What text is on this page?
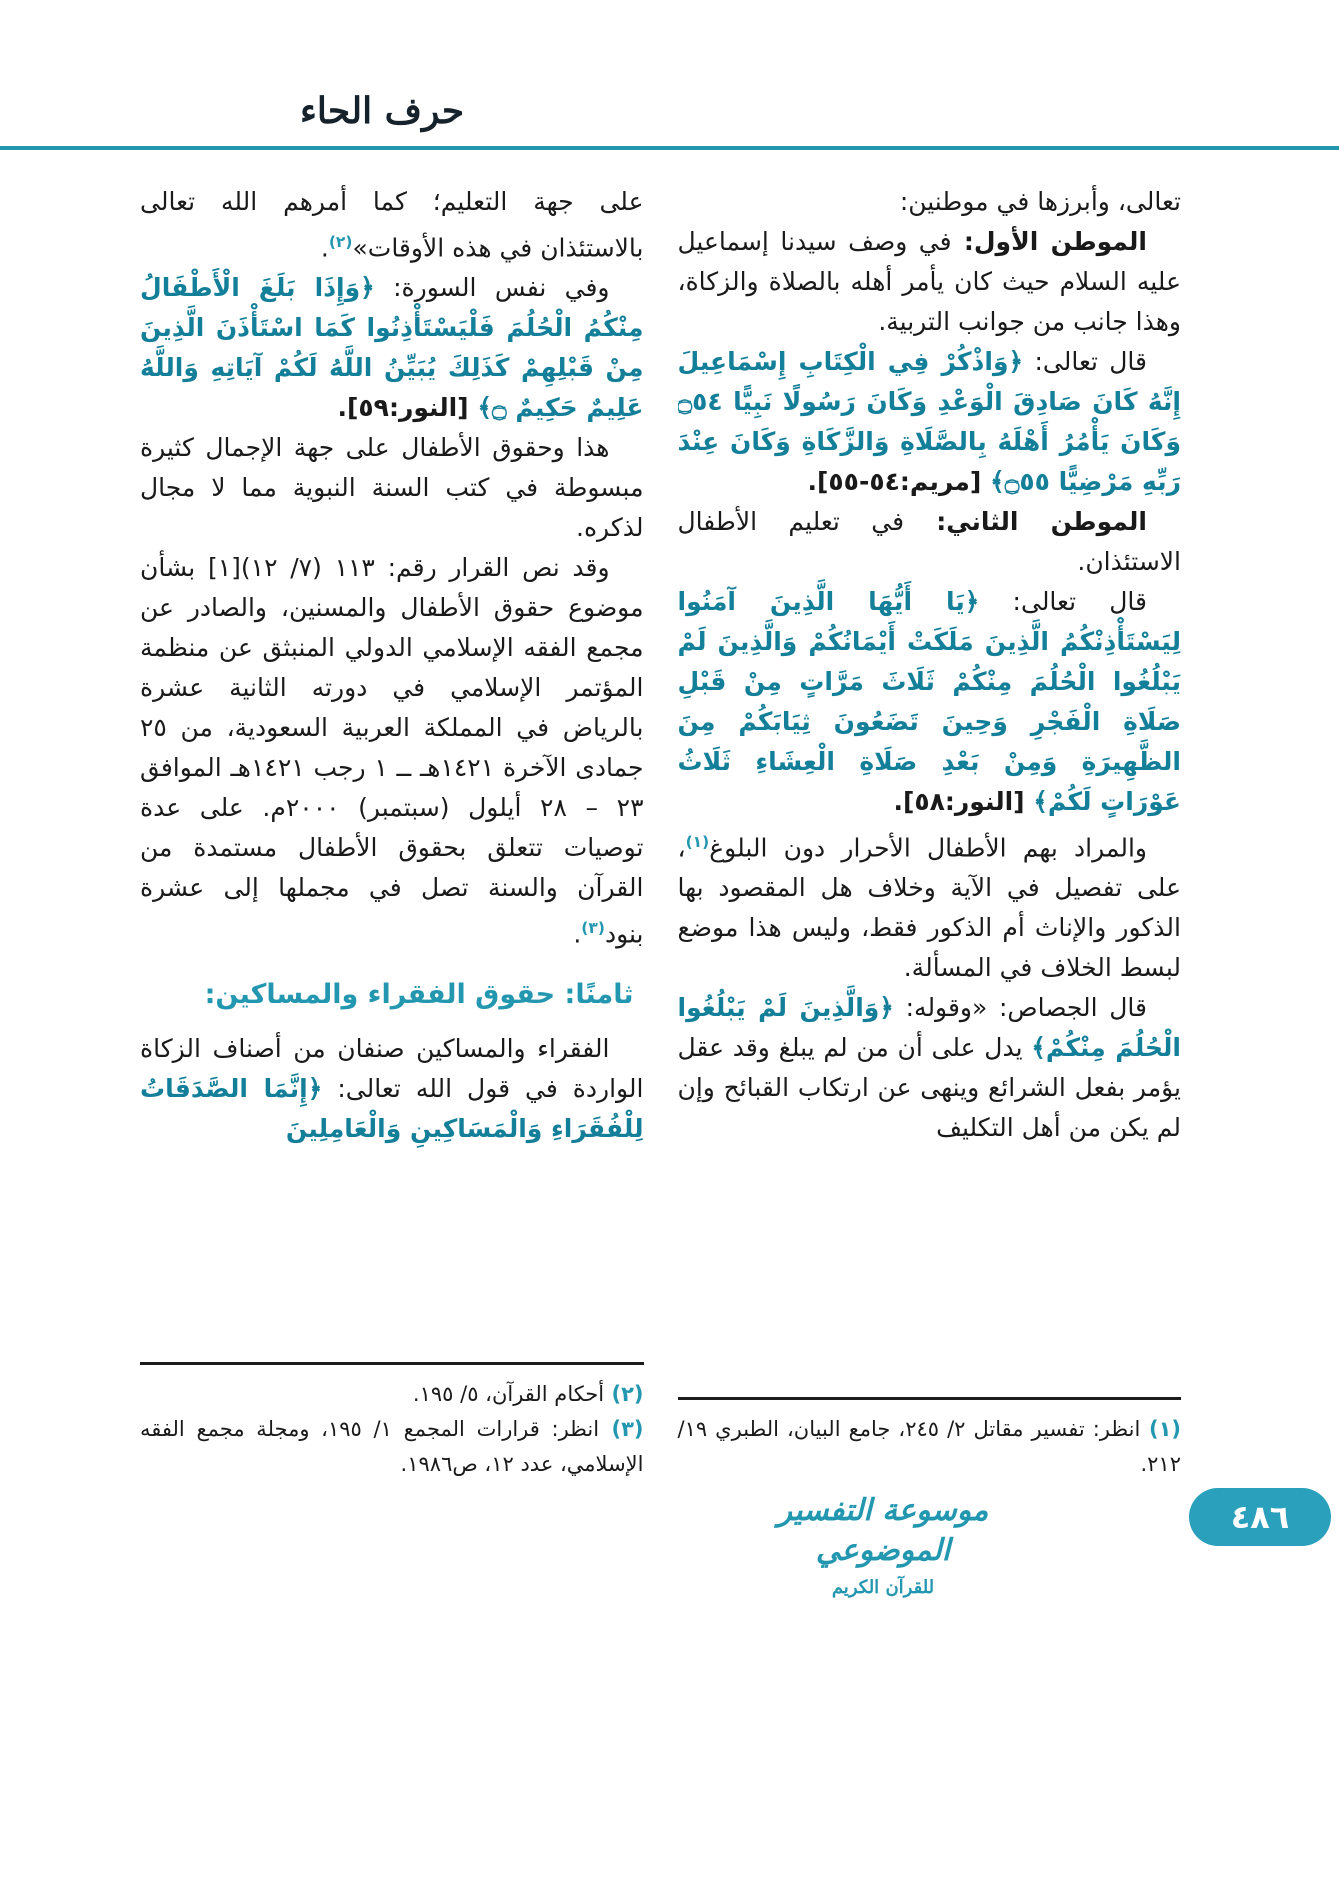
حرف الحاء

تعالى، وأبرزها في موطنين:

الموطن الأول: في وصف سيدنا إسماعيل عليه السلام حيث كان يأمر أهله بالصلاة والزكاة، وهذا جانب من جوانب التربية.

قال تعالى: ﴿وَاذْكُرْ فِي الْكِتَابِ إِسْمَاعِيلَ إِنَّهُ كَانَ صَادِقَ الْوَعْدِ وَكَانَ رَسُولًا نَبِيًّا ۝٥٤ وَكَانَ يَأْمُرُ أَهْلَهُ بِالصَّلَاةِ وَالزَّكَاةِ وَكَانَ عِنْدَ رَبِّهِ مَرْضِيًّا ۝٥٥﴾ [مريم:٥٤-٥٥].

الموطن الثاني: في تعليم الأطفال الاستئذان.

قال تعالى: ﴿يَا أَيُّهَا الَّذِينَ آمَنُوا لِيَسْتَأْذِنْكُمُ الَّذِينَ مَلَكَتْ أَيْمَانُكُمْ وَالَّذِينَ لَمْ يَبْلُغُوا الْحُلُمَ مِنْكُمْ ثَلَاثَ مَرَّاتٍ مِنْ قَبْلِ صَلَاةِ الْفَجْرِ وَحِينَ تَضَعُونَ ثِيَابَكُمْ مِنَ الظَّهِيرَةِ وَمِنْ بَعْدِ صَلَاةِ الْعِشَاءِ ثَلَاثُ عَوْرَاتٍ لَكُمْ﴾ [النور:٥٨].

والمراد بهم الأطفال الأحرار دون البلوغ$^{(١)}$، على تفصيل في الآية وخلاف هل المقصود بها الذكور والإناث أم الذكور فقط، وليس هذا موضع لبسط الخلاف في المسألة.

قال الجصاص: «وقوله: ﴿وَالَّذِينَ لَمْ يَبْلُغُوا الْحُلُمَ مِنْكُمْ﴾ يدل على أن من لم يبلغ وقد عقل يؤمر بفعل الشرائع وينهى عن ارتكاب القبائح وإن لم يكن من أهل التكليف

(١) انظر: تفسير مقاتل ٢/ ٢٤٥، جامع البيان، الطبري ١٩/ ٢١٢.

على جهة التعليم؛ كما أمرهم الله تعالى بالاستئذان في هذه الأوقات»$^{(٢)}$.

وفي نفس السورة: ﴿وَإِذَا بَلَغَ الْأَطْفَالُ مِنْكُمُ الْحُلُمَ فَلْيَسْتَأْذِنُوا كَمَا اسْتَأْذَنَ الَّذِينَ مِنْ قَبْلِهِمْ كَذَلِكَ يُبَيِّنُ اللَّهُ لَكُمْ آيَاتِهِ وَاللَّهُ عَلِيمٌ حَكِيمٌ ۝﴾ [النور:٥٩].

هذا وحقوق الأطفال على جهة الإجمال كثيرة مبسوطة في كتب السنة النبوية مما لا مجال لذكره.

وقد نص القرار رقم: ١١٣ (٧/ ١٢)[١] بشأن موضوع حقوق الأطفال والمسنين، والصادر عن مجمع الفقه الإسلامي الدولي المنبثق عن منظمة المؤتمر الإسلامي في دورته الثانية عشرة بالرياض في المملكة العربية السعودية، من ٢٥ جمادى الآخرة ١٤٢١هـ ــ ١ رجب ١٤٢١هـ الموافق ٢٣ – ٢٨ أيلول (سبتمبر) ٢٠٠٠م. على عدة توصيات تتعلق بحقوق الأطفال مستمدة من القرآن والسنة تصل في مجملها إلى عشرة بنود$^{(٣)}$.

ثامنًا: حقوق الفقراء والمساكين:

الفقراء والمساكين صنفان من أصناف الزكاة الواردة في قول الله تعالى: ﴿إِنَّمَا الصَّدَقَاتُ لِلْفُقَرَاءِ وَالْمَسَاكِينِ وَالْعَامِلِينَ

(٢) أحكام القرآن، ٥/ ١٩٥.

(٣) انظر: قرارات المجمع ١/ ١٩٥، ومجلة مجمع الفقه الإسلامي، عدد ١٢، ص١٩٨٦.

موسوعة التفسير الموضوعي
للقرآن الكريم
٤٨٦
